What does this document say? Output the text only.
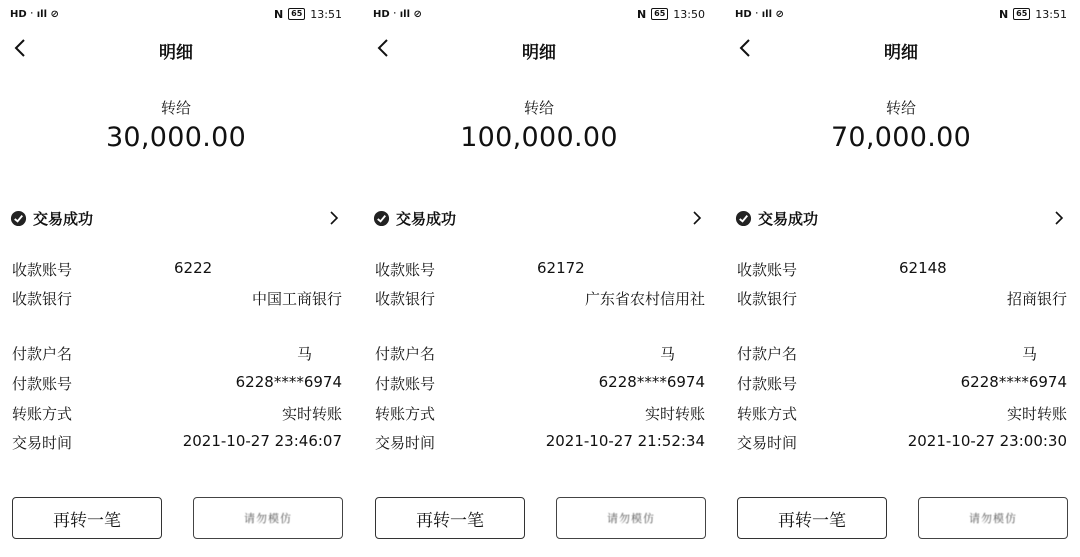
HD ᐧ ıll ⊘	N	65 13:51
明细
转给
30,000.00
交易成功
收款账号	6222
收款银行	中国工商银行
付款户名	马
付款账号	6228****6974
转账方式	实时转账
交易时间	2021-10-27 23:46:07
再转一笔	请勿模仿
HD ᐧ ıll ⊘	N	65 13:50
明细
转给
100,000.00
交易成功
收款账号	62172
收款银行	广东省农村信用社
付款户名	马
付款账号	6228****6974
转账方式	实时转账
交易时间	2021-10-27 21:52:34
再转一笔	请勿模仿
HD ᐧ ıll ⊘	N	65 13:51
明细
转给
70,000.00
交易成功
收款账号	62148
收款银行	招商银行
付款户名	马
付款账号	6228****6974
转账方式	实时转账
交易时间	2021-10-27 23:00:30
再转一笔	请勿模仿
